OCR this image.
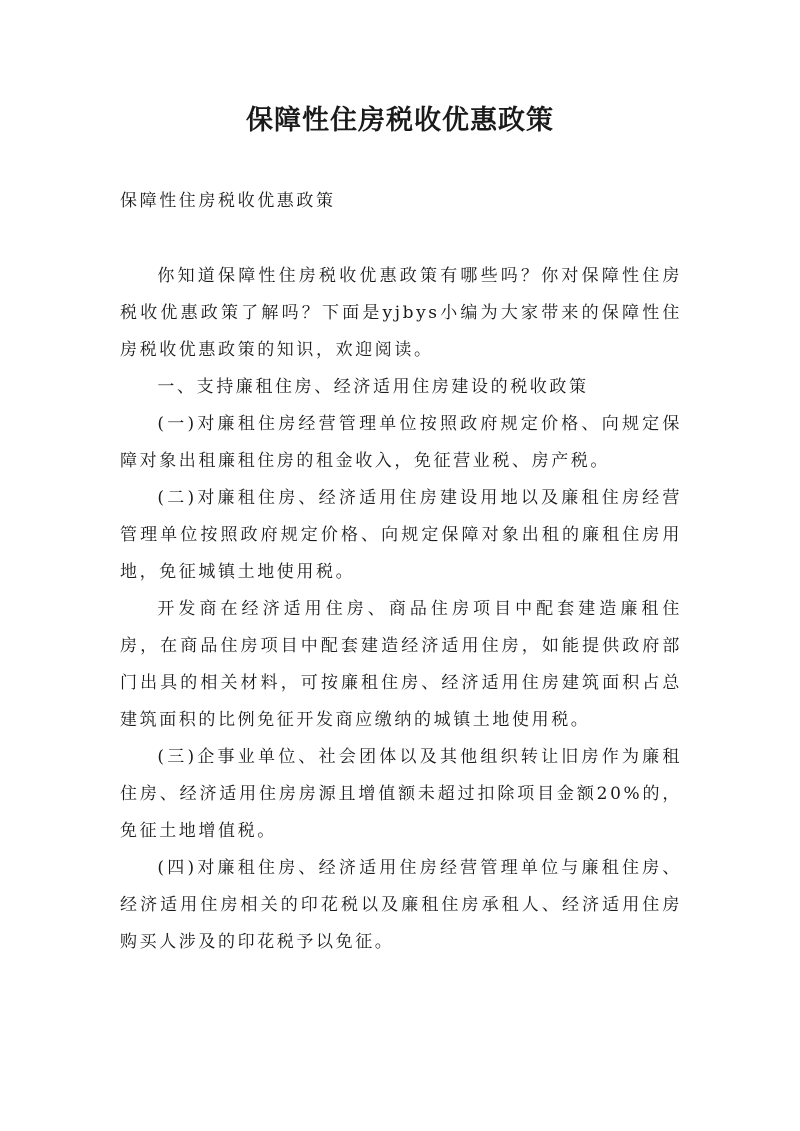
保障性住房税收优惠政策

保障性住房税收优惠政策

你知道保障性住房税收优惠政策有哪些吗？你对保障性住房税收优惠政策了解吗？下面是yjbys小编为大家带来的保障性住房税收优惠政策的知识，欢迎阅读。

一、支持廉租住房、经济适用住房建设的税收政策

(一)对廉租住房经营管理单位按照政府规定价格、向规定保障对象出租廉租住房的租金收入，免征营业税、房产税。

(二)对廉租住房、经济适用住房建设用地以及廉租住房经营管理单位按照政府规定价格、向规定保障对象出租的廉租住房用地，免征城镇土地使用税。

开发商在经济适用住房、商品住房项目中配套建造廉租住房，在商品住房项目中配套建造经济适用住房，如能提供政府部门出具的相关材料，可按廉租住房、经济适用住房建筑面积占总建筑面积的比例免征开发商应缴纳的城镇土地使用税。

(三)企事业单位、社会团体以及其他组织转让旧房作为廉租住房、经济适用住房房源且增值额未超过扣除项目金额20%的，免征土地增值税。

(四)对廉租住房、经济适用住房经营管理单位与廉租住房、经济适用住房相关的印花税以及廉租住房承租人、经济适用住房购买人涉及的印花税予以免征。
